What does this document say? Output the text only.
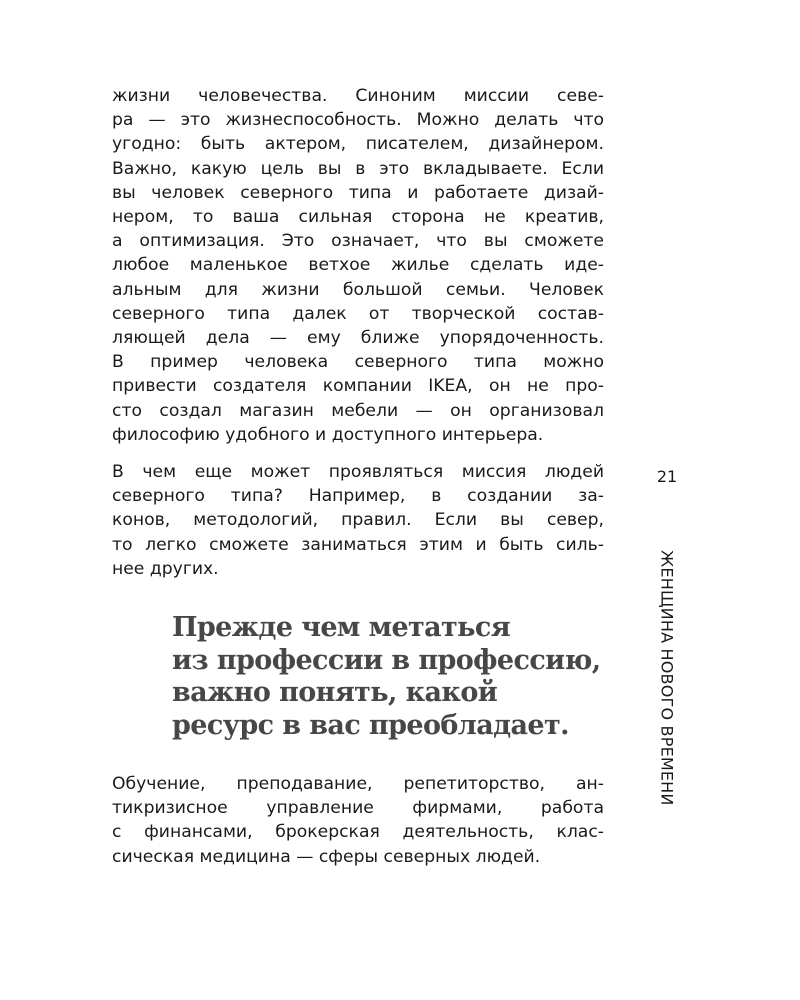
жизни человечества. Синоним миссии севе-
ра — это жизнеспособность. Можно делать что
угодно: быть актером, писателем, дизайнером.
Важно, какую цель вы в это вкладываете. Если
вы человек северного типа и работаете дизай-
нером, то ваша сильная сторона не креатив,
а оптимизация. Это означает, что вы сможете
любое маленькое ветхое жилье сделать иде-
альным для жизни большой семьи. Человек
северного типа далек от творческой состав-
ляющей дела — ему ближе упорядоченность.
В пример человека северного типа можно
привести создателя компании IKEA, он не про-
сто создал магазин мебели — он организовал
философию удобного и доступного интерьера.

В чем еще может проявляться миссия людей
северного типа? Например, в создании за-
конов, методологий, правил. Если вы север,
то легко сможете заниматься этим и быть силь-
нее других.

Обучение, преподавание, репетиторство, ан-
тикризисное управление фирмами, работа
с финансами, брокерская деятельность, клас-
сическая медицина — сферы северных людей.

Прежде чем метаться
из профессии в профессию,
важно понять, какой
ресурс в вас преобладает.
21
ЖЕНЩИНА НОВОГО ВРЕМЕНИ
